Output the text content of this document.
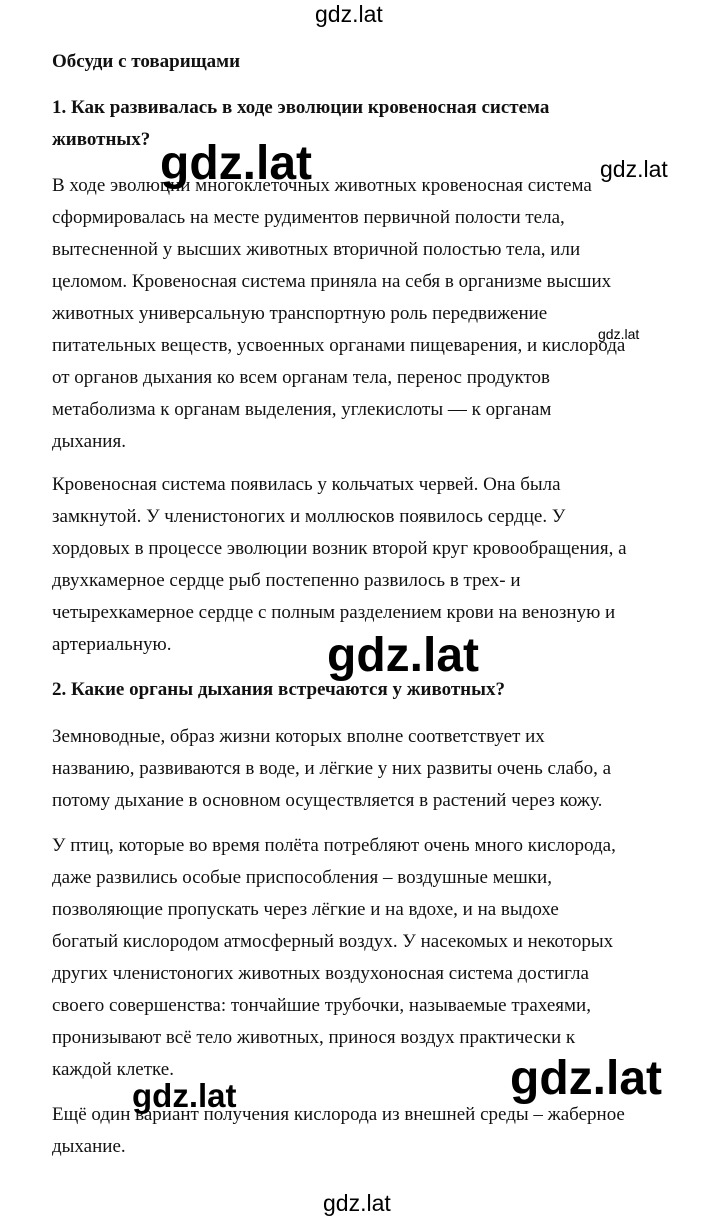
gdz.lat
gdz.lat	gdz.lat
gdz.lat
gdz.lat
gdz.lat
gdz.lat
gdz.lat
Обсуди с товарищами
1. Как развивалась в ходе эволюции кровеносная система
животных?
В ходе эволюции многоклеточных животных кровеносная система
сформировалась на месте рудиментов первичной полости тела,
вытесненной у высших животных вторичной полостью тела, или
целомом. Кровеносная система приняла на себя в организме высших
животных универсальную транспортную роль передвижение
питательных веществ, усвоенных органами пищеварения, и кислорода
от органов дыхания ко всем органам тела, перенос продуктов
метаболизма к органам выделения, углекислоты — к органам
дыхания.
Кровеносная система появилась у кольчатых червей. Она была
замкнутой. У членистоногих и моллюсков появилось сердце. У
хордовых в процессе эволюции возник второй круг кровообращения, а
двухкамерное сердце рыб постепенно развилось в трех- и
четырехкамерное сердце с полным разделением крови на венозную и
артериальную.
2. Какие органы дыхания встречаются у животных?
Земноводные, образ жизни которых вполне соответствует их
названию, развиваются в воде, и лёгкие у них развиты очень слабо, а
потому дыхание в основном осуществляется в растений через кожу.
У птиц, которые во время полёта потребляют очень много кислорода,
даже развились особые приспособления – воздушные мешки,
позволяющие пропускать через лёгкие и на вдохе, и на выдохе
богатый кислородом атмосферный воздух. У насекомых и некоторых
других членистоногих животных воздухоносная система достигла
своего совершенства: тончайшие трубочки, называемые трахеями,
пронизывают всё тело животных, принося воздух практически к
каждой клетке.
Ещё один вариант получения кислорода из внешней среды – жаберное
дыхание.
